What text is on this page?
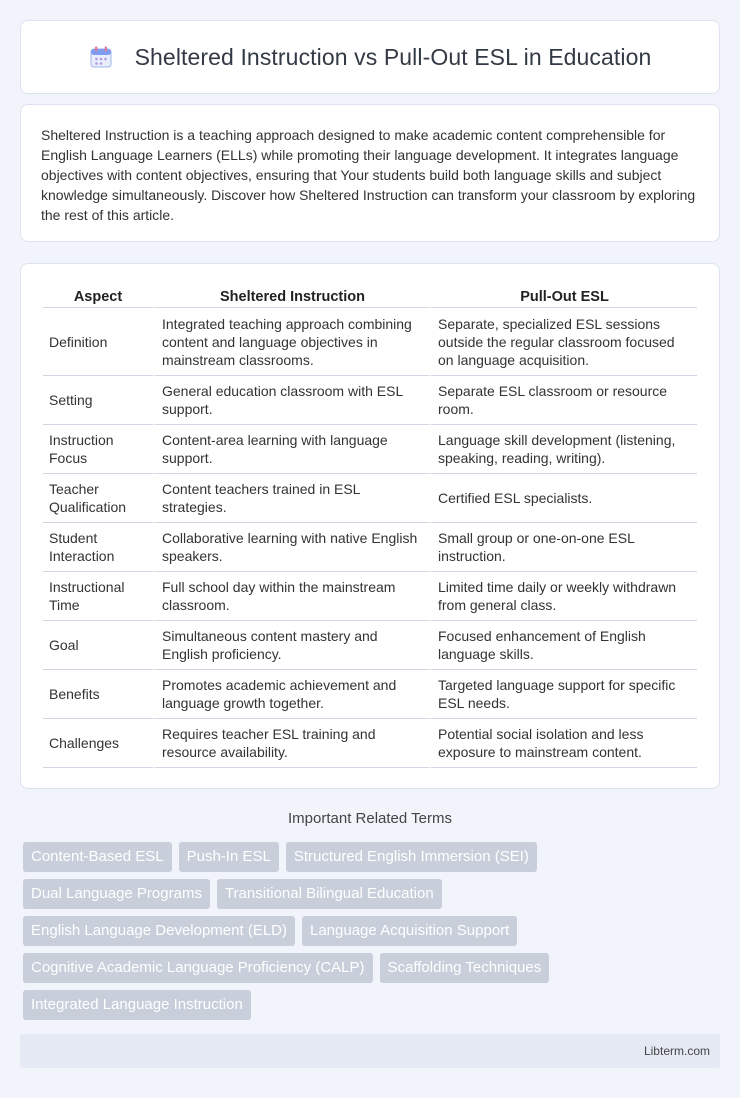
Sheltered Instruction vs Pull-Out ESL in Education

Sheltered Instruction is a teaching approach designed to make academic content comprehensible for English Language Learners (ELLs) while promoting their language development. It integrates language objectives with content objectives, ensuring that Your students build both language skills and subject knowledge simultaneously. Discover how Sheltered Instruction can transform your classroom by exploring the rest of this article.

Aspect	Sheltered Instruction	Pull-Out ESL
Definition	Integrated teaching approach combining content and language objectives in mainstream classrooms.	Separate, specialized ESL sessions outside the regular classroom focused on language acquisition.
Setting	General education classroom with ESL support.	Separate ESL classroom or resource room.
Instruction Focus	Content-area learning with language support.	Language skill development (listening, speaking, reading, writing).
Teacher Qualification	Content teachers trained in ESL strategies.	Certified ESL specialists.
Student Interaction	Collaborative learning with native English speakers.	Small group or one-on-one ESL instruction.
Instructional Time	Full school day within the mainstream classroom.	Limited time daily or weekly withdrawn from general class.
Goal	Simultaneous content mastery and English proficiency.	Focused enhancement of English language skills.
Benefits	Promotes academic achievement and language growth together.	Targeted language support for specific ESL needs.
Challenges	Requires teacher ESL training and resource availability.	Potential social isolation and less exposure to mainstream content.
Important Related Terms
Content-Based ESL	Push-In ESL	Structured English Immersion (SEI)
Dual Language Programs	Transitional Bilingual Education
English Language Development (ELD)	Language Acquisition Support
Cognitive Academic Language Proficiency (CALP)	Scaffolding Techniques
Integrated Language Instruction
Libterm.com
